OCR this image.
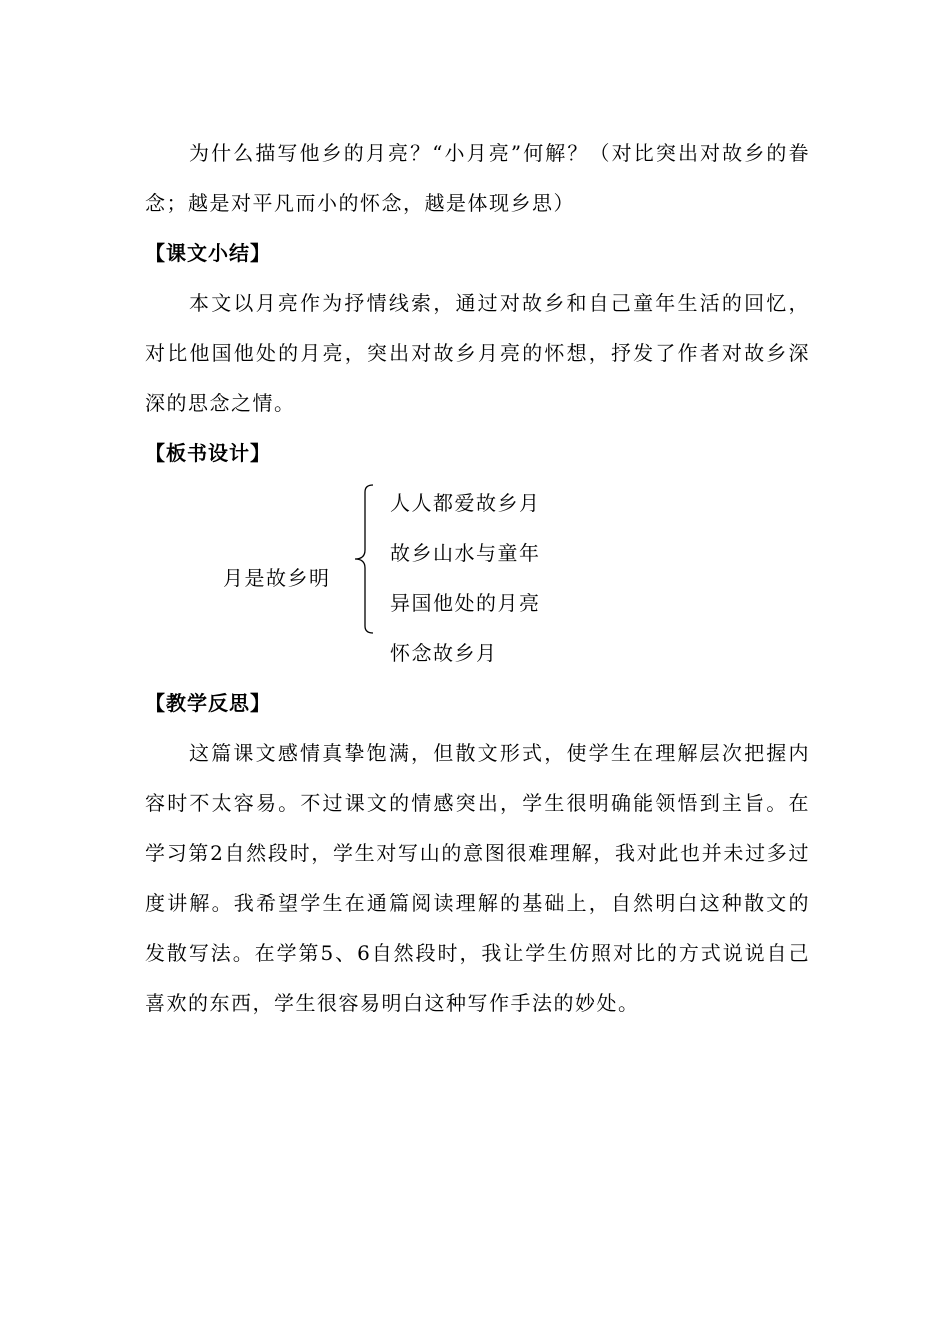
为什么描写他乡的月亮？“小月亮”何解？（对比突出对故乡的眷念；越是对平凡而小的怀念，越是体现乡思）

【课文小结】

本文以月亮作为抒情线索，通过对故乡和自己童年生活的回忆，对比他国他处的月亮，突出对故乡月亮的怀想，抒发了作者对故乡深深的思念之情。

【板书设计】

月是故乡明
人人都爱故乡月
故乡山水与童年
异国他处的月亮
怀念故乡月

【教学反思】

这篇课文感情真挚饱满，但散文形式，使学生在理解层次把握内容时不太容易。不过课文的情感突出，学生很明确能领悟到主旨。在学习第2自然段时，学生对写山的意图很难理解，我对此也并未过多过度讲解。我希望学生在通篇阅读理解的基础上，自然明白这种散文的发散写法。在学第5、6自然段时，我让学生仿照对比的方式说说自己喜欢的东西，学生很容易明白这种写作手法的妙处。
